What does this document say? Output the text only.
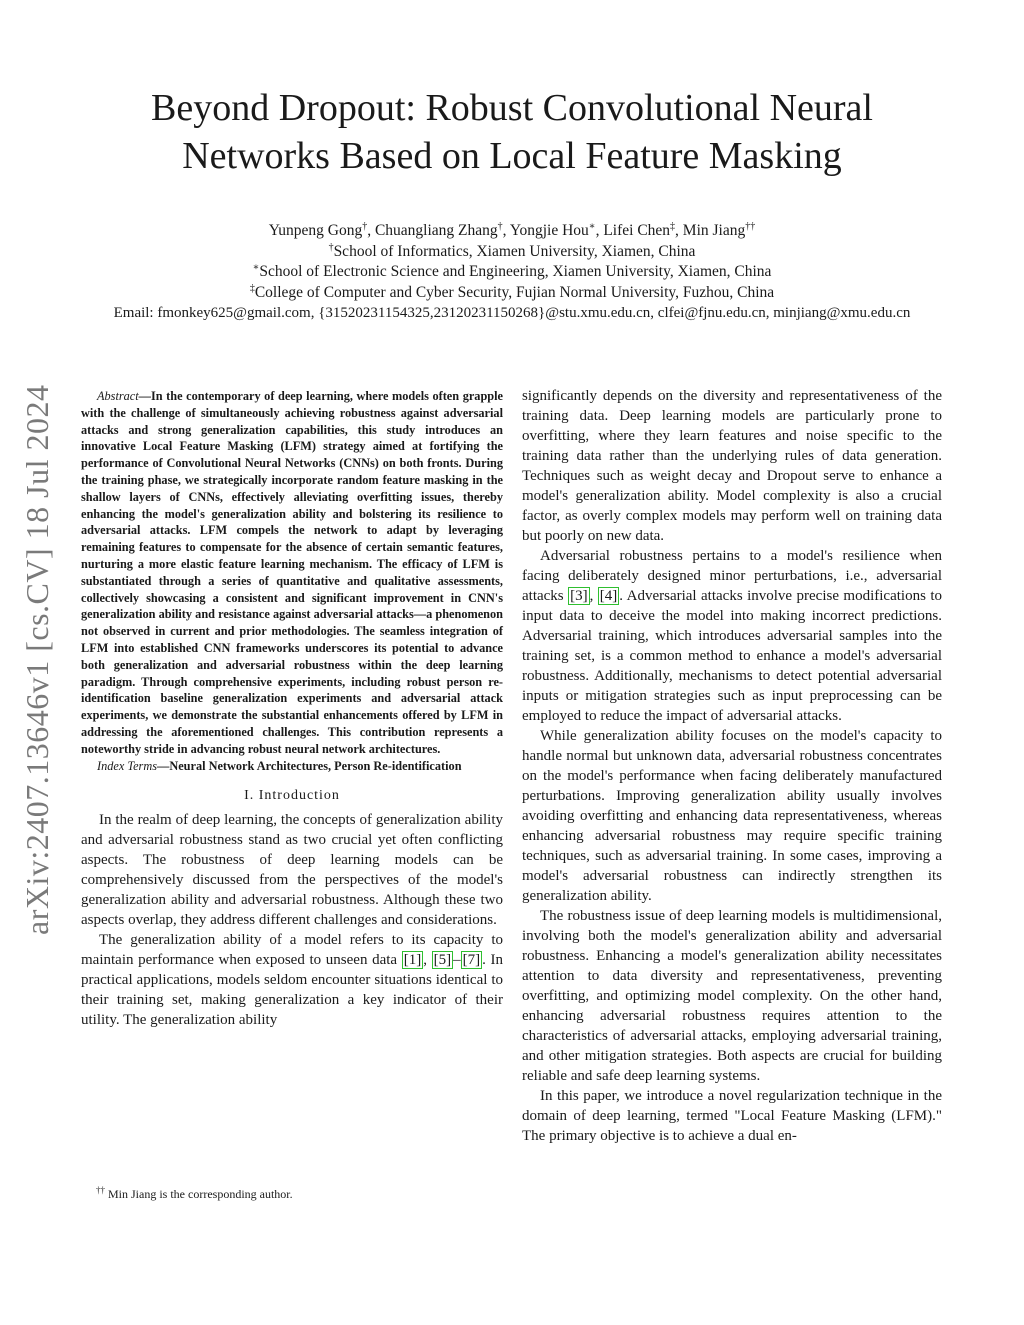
Beyond Dropout: Robust Convolutional Neural
Networks Based on Local Feature Masking
Yunpeng Gong†, Chuangliang Zhang†, Yongjie Hou∗, Lifei Chen‡, Min Jiang††
†School of Informatics, Xiamen University, Xiamen, China
∗School of Electronic Science and Engineering, Xiamen University, Xiamen, China
‡College of Computer and Cyber Security, Fujian Normal University, Fuzhou, China
Email: fmonkey625@gmail.com, {31520231154325,23120231150268}@stu.xmu.edu.cn, clfei@fjnu.edu.cn, minjiang@xmu.edu.cn
arXiv:2407.13646v1 [cs.CV] 18 Jul 2024	Abstract—In the contemporary of deep learning, where models often grapple with the challenge of simultaneously achieving robustness against adversarial attacks and strong generalization capabilities, this study introduces an innovative Local Feature Masking (LFM) strategy aimed at fortifying the performance of Convolutional Neural Networks (CNNs) on both fronts. During the training phase, we strategically incorporate random feature masking in the shallow layers of CNNs, effectively alleviating overfitting issues, thereby enhancing the model's generalization ability and bolstering its resilience to adversarial attacks. LFM compels the network to adapt by leveraging remaining features to compensate for the absence of certain semantic features, nurturing a more elastic feature learning mechanism. The efficacy of LFM is substantiated through a series of quantitative and qualitative assessments, collectively showcasing a consistent and significant improvement in CNN's generalization ability and resistance against adversarial attacks—a phenomenon not observed in current and prior methodologies. The seamless integration of LFM into established CNN frameworks underscores its potential to advance both generalization and adversarial robustness within the deep learning paradigm. Through comprehensive experiments, including robust person re-identification baseline generalization experiments and adversarial attack experiments, we demonstrate the substantial enhancements offered by LFM in addressing the aforementioned challenges. This contribution represents a noteworthy stride in advancing robust neural network architectures.

Index Terms—Neural Network Architectures, Person Re-identification

I. Introduction

In the realm of deep learning, the concepts of generalization ability and adversarial robustness stand as two crucial yet often conflicting aspects. The robustness of deep learning models can be comprehensively discussed from the perspectives of the model's generalization ability and adversarial robustness. Although these two aspects overlap, they address different challenges and considerations.

The generalization ability of a model refers to its capacity to maintain performance when exposed to unseen data [1] , [5] – [7] . In practical applications, models seldom encounter situations identical to their training set, making generalization a key indicator of their utility. The generalization ability

significantly depends on the diversity and representativeness of the training data. Deep learning models are particularly prone to overfitting, where they learn features and noise specific to the training data rather than the underlying rules of data generation. Techniques such as weight decay and Dropout serve to enhance a model's generalization ability. Model complexity is also a crucial factor, as overly complex models may perform well on training data but poorly on new data.

Adversarial robustness pertains to a model's resilience when facing deliberately designed minor perturbations, i.e., adversarial attacks [3] , [4] . Adversarial attacks involve precise modifications to input data to deceive the model into making incorrect predictions. Adversarial training, which introduces adversarial samples into the training set, is a common method to enhance a model's adversarial robustness. Additionally, mechanisms to detect potential adversarial inputs or mitigation strategies such as input preprocessing can be employed to reduce the impact of adversarial attacks.

While generalization ability focuses on the model's capacity to handle normal but unknown data, adversarial robustness concentrates on the model's performance when facing deliberately manufactured perturbations. Improving generalization ability usually involves avoiding overfitting and enhancing data representativeness, whereas enhancing adversarial robustness may require specific training techniques, such as adversarial training. In some cases, improving a model's adversarial robustness can indirectly strengthen its generalization ability.

The robustness issue of deep learning models is multidimensional, involving both the model's generalization ability and adversarial robustness. Enhancing a model's generalization ability necessitates attention to data diversity and representativeness, preventing overfitting, and optimizing model complexity. On the other hand, enhancing adversarial robustness requires attention to the characteristics of adversarial attacks, employing adversarial training, and other mitigation strategies. Both aspects are crucial for building reliable and safe deep learning systems.

In this paper, we introduce a novel regularization technique in the domain of deep learning, termed "Local Feature Masking (LFM)." The primary objective is to achieve a dual en-

†† Min Jiang is the corresponding author.
